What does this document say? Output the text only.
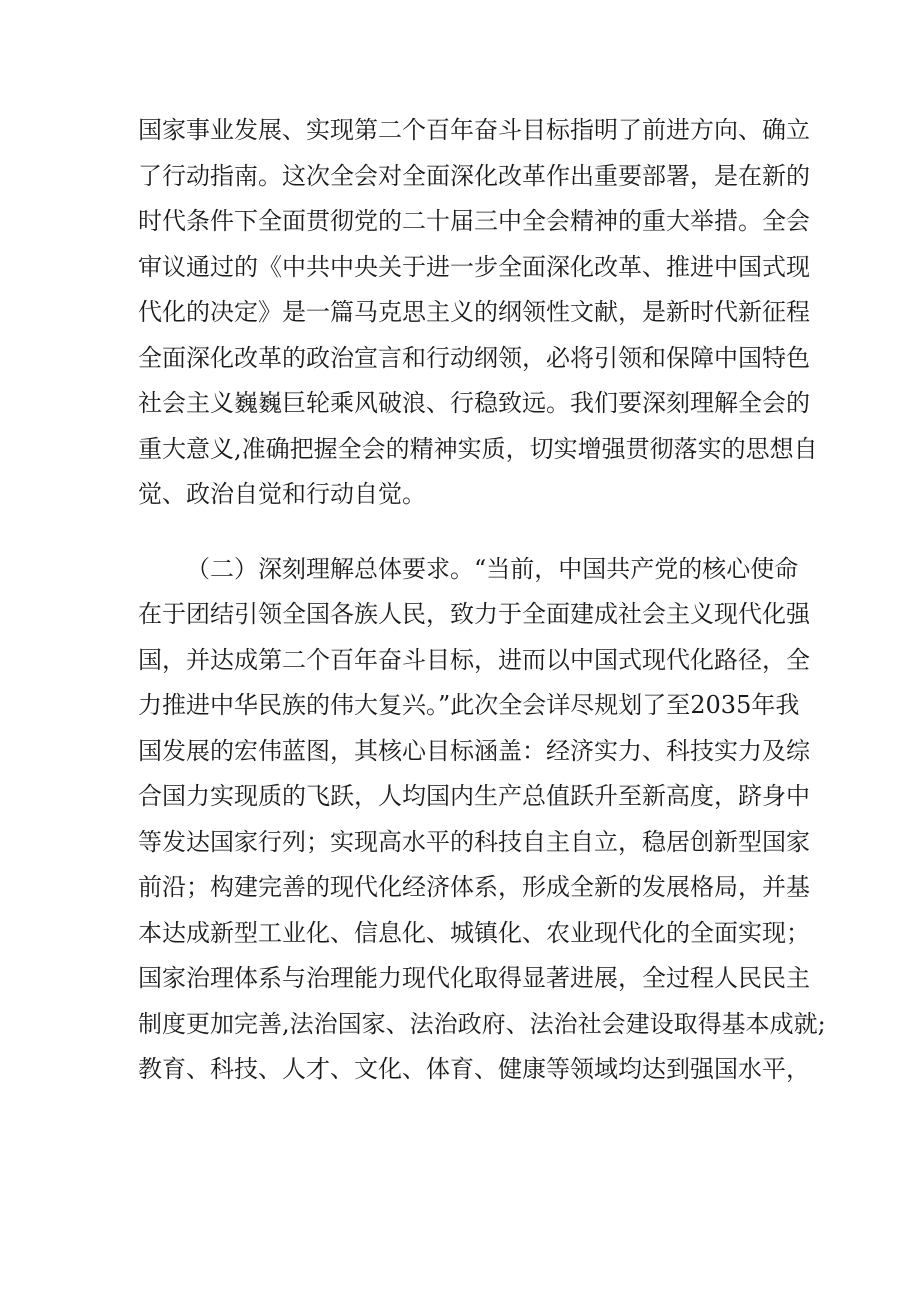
国家事业发展、实现第二个百年奋斗目标指明了前进方向、确立
了行动指南。这次全会对全面深化改革作出重要部署，是在新的
时代条件下全面贯彻党的二十届三中全会精神的重大举措。全会
审议通过的《中共中央关于进一步全面深化改革、推进中国式现
代化的决定》是一篇马克思主义的纲领性文献，是新时代新征程
全面深化改革的政治宣言和行动纲领，必将引领和保障中国特色
社会主义巍巍巨轮乘风破浪、行稳致远。我们要深刻理解全会的
重大意义,准确把握全会的精神实质，切实增强贯彻落实的思想自
觉、政治自觉和行动自觉。
（二）深刻理解总体要求。“当前，中国共产党的核心使命
在于团结引领全国各族人民，致力于全面建成社会主义现代化强
国，并达成第二个百年奋斗目标，进而以中国式现代化路径，全
力推进中华民族的伟大复兴。”此次全会详尽规划了至2035年我
国发展的宏伟蓝图，其核心目标涵盖：经济实力、科技实力及综
合国力实现质的飞跃，人均国内生产总值跃升至新高度，跻身中
等发达国家行列；实现高水平的科技自主自立，稳居创新型国家
前沿；构建完善的现代化经济体系，形成全新的发展格局，并基
本达成新型工业化、信息化、城镇化、农业现代化的全面实现；
国家治理体系与治理能力现代化取得显著进展，全过程人民民主
制度更加完善,法治国家、法治政府、法治社会建设取得基本成就;
教育、科技、人才、文化、体育、健康等领域均达到强国水平，
